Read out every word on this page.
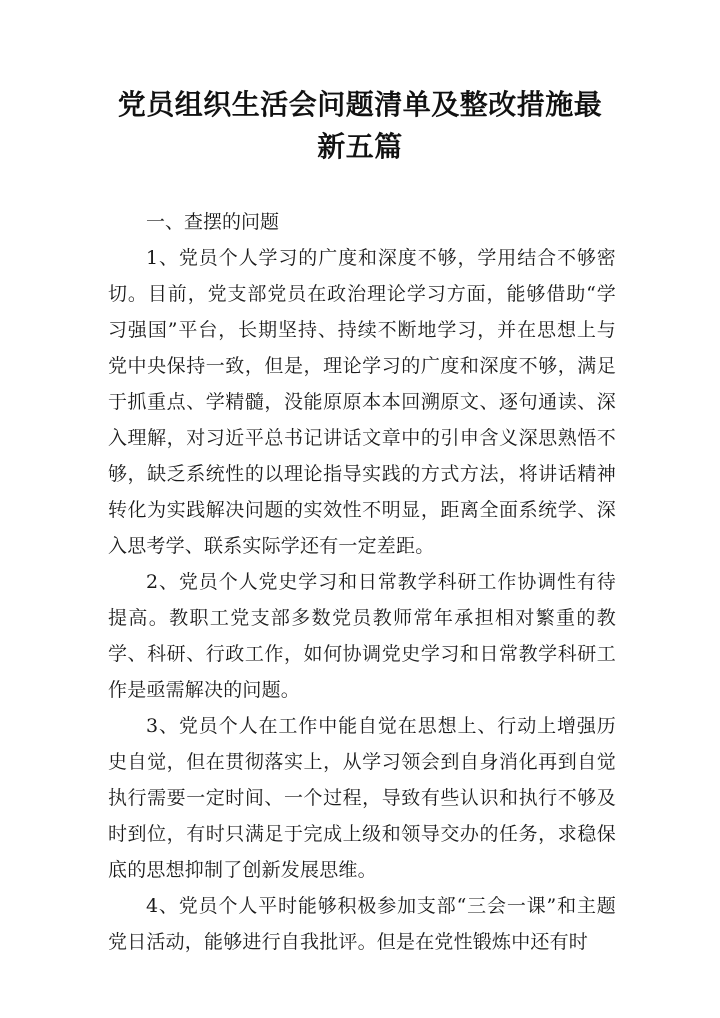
党员组织生活会问题清单及整改措施最新五篇

一、查摆的问题

1、党员个人学习的广度和深度不够，学用结合不够密切。目前，党支部党员在政治理论学习方面，能够借助“学习强国”平台，长期坚持、持续不断地学习，并在思想上与党中央保持一致，但是，理论学习的广度和深度不够，满足于抓重点、学精髓，没能原原本本回溯原文、逐句通读、深入理解，对习近平总书记讲话文章中的引申含义深思熟悟不够，缺乏系统性的以理论指导实践的方式方法，将讲话精神转化为实践解决问题的实效性不明显，距离全面系统学、深入思考学、联系实际学还有一定差距。

2、党员个人党史学习和日常教学科研工作协调性有待提高。教职工党支部多数党员教师常年承担相对繁重的教学、科研、行政工作，如何协调党史学习和日常教学科研工作是亟需解决的问题。

3、党员个人在工作中能自觉在思想上、行动上增强历史自觉，但在贯彻落实上，从学习领会到自身消化再到自觉执行需要一定时间、一个过程，导致有些认识和执行不够及时到位，有时只满足于完成上级和领导交办的任务，求稳保底的思想抑制了创新发展思维。

4、党员个人平时能够积极参加支部“三会一课”和主题党日活动，能够进行自我批评。但是在党性锻炼中还有时
